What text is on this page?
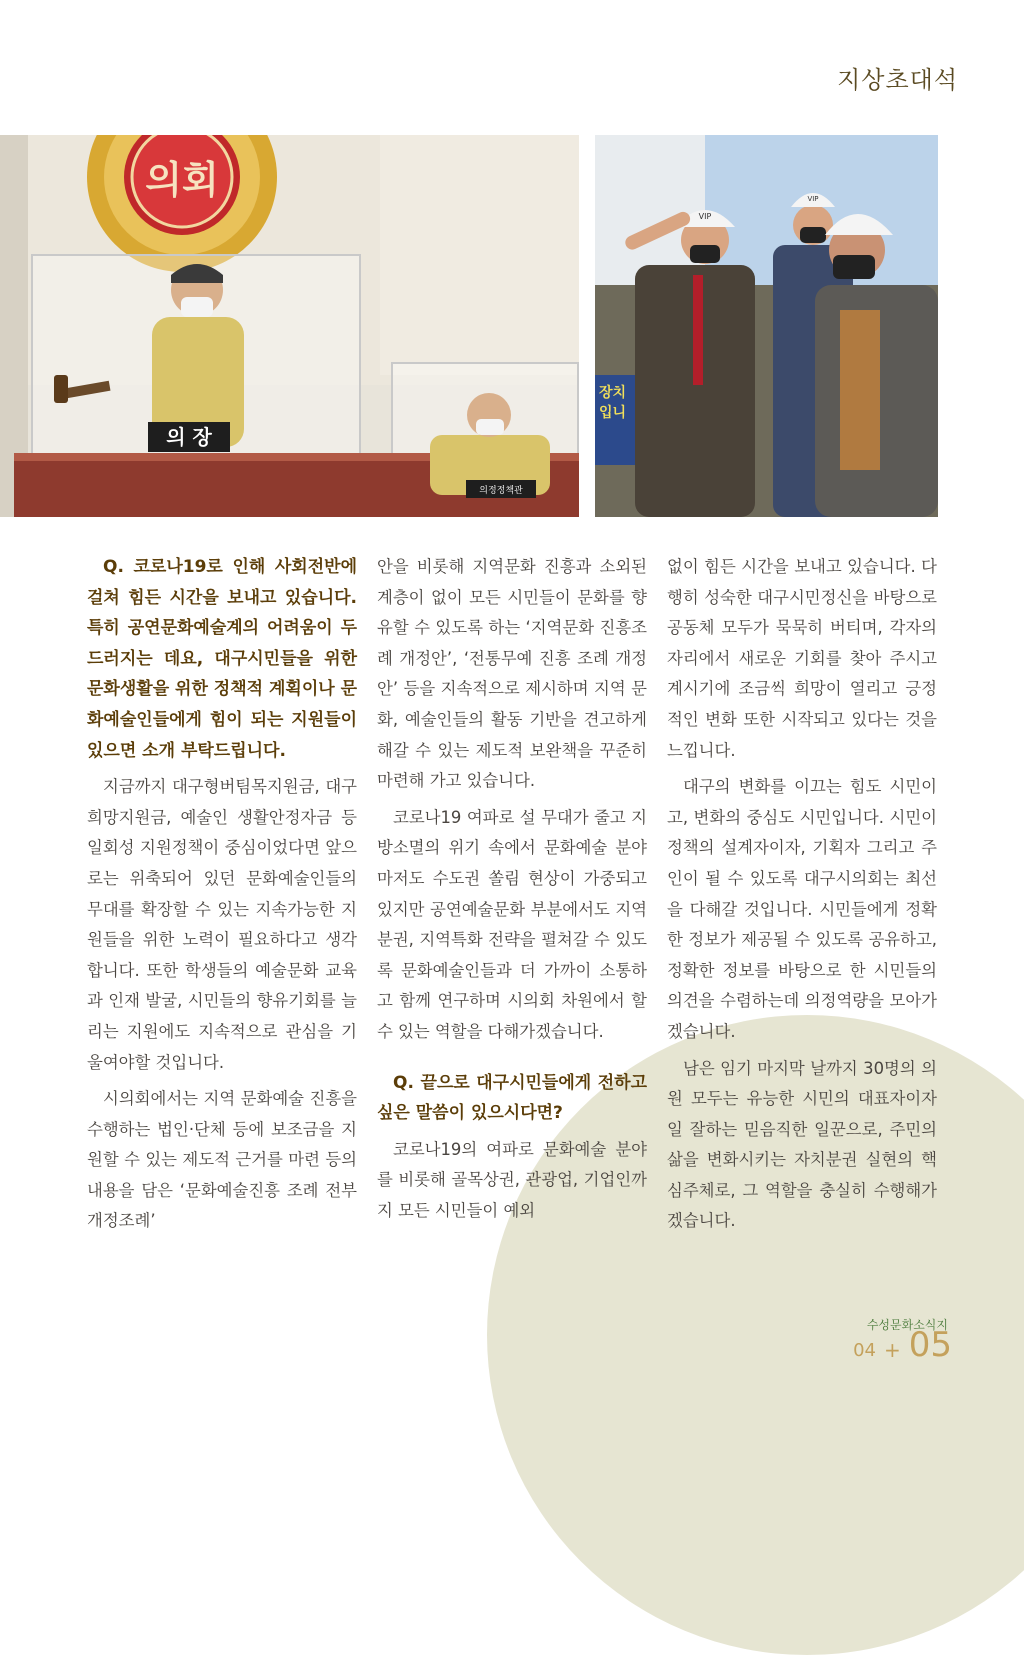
지상초대석
의회
의 장
의정정책관
장치
입니
VIP
VIP

Q. 코로나19로 인해 사회전반에 걸쳐 힘든 시간을 보내고 있습니다. 특히 공연문화예술계의 어려움이 두드러지는 데요, 대구시민들을 위한 문화생활을 위한 정책적 계획이나 문화예술인들에게 힘이 되는 지원들이 있으면 소개 부탁드립니다.

지금까지 대구형버팀목지원금, 대구희망지원금, 예술인 생활안정자금 등 일회성 지원정책이 중심이었다면 앞으로는 위축되어 있던 문화예술인들의 무대를 확장할 수 있는 지속가능한 지원들을 위한 노력이 필요하다고 생각합니다. 또한 학생들의 예술문화 교육과 인재 발굴, 시민들의 향유기회를 늘리는 지원에도 지속적으로 관심을 기울여야할 것입니다.

시의회에서는 지역 문화예술 진흥을 수행하는 법인·단체 등에 보조금을 지원할 수 있는 제도적 근거를 마련 등의 내용을 담은 ‘문화예술진흥 조례 전부개정조례’

안을 비롯해 지역문화 진흥과 소외된 계층이 없이 모든 시민들이 문화를 향유할 수 있도록 하는 ‘지역문화 진흥조례 개정안’, ‘전통무예 진흥 조례 개정안’ 등을 지속적으로 제시하며 지역 문화, 예술인들의 활동 기반을 견고하게 해갈 수 있는 제도적 보완책을 꾸준히 마련해 가고 있습니다.

코로나19 여파로 설 무대가 줄고 지방소멸의 위기 속에서 문화예술 분야마저도 수도권 쏠림 현상이 가중되고 있지만 공연예술문화 부분에서도 지역분권, 지역특화 전략을 펼쳐갈 수 있도록 문화예술인들과 더 가까이 소통하고 함께 연구하며 시의회 차원에서 할 수 있는 역할을 다해가겠습니다.

Q. 끝으로 대구시민들에게 전하고 싶은 말씀이 있으시다면?

코로나19의 여파로 문화예술 분야를 비롯해 골목상권, 관광업, 기업인까지 모든 시민들이 예외

없이 힘든 시간을 보내고 있습니다. 다행히 성숙한 대구시민정신을 바탕으로 공동체 모두가 묵묵히 버티며, 각자의 자리에서 새로운 기회를 찾아 주시고 계시기에 조금씩 희망이 열리고 긍정적인 변화 또한 시작되고 있다는 것을 느낍니다.

대구의 변화를 이끄는 힘도 시민이고, 변화의 중심도 시민입니다. 시민이 정책의 설계자이자, 기획자 그리고 주인이 될 수 있도록 대구시의회는 최선을 다해갈 것입니다. 시민들에게 정확한 정보가 제공될 수 있도록 공유하고, 정확한 정보를 바탕으로 한 시민들의 의견을 수렴하는데 의정역량을 모아가겠습니다.

남은 임기 마지막 날까지 30명의 의원 모두는 유능한 시민의 대표자이자 일 잘하는 믿음직한 일꾼으로, 주민의 삶을 변화시키는 자치분권 실현의 핵심주체로, 그 역할을 충실히 수행해가겠습니다.

수성문화소식지
04 + 05
